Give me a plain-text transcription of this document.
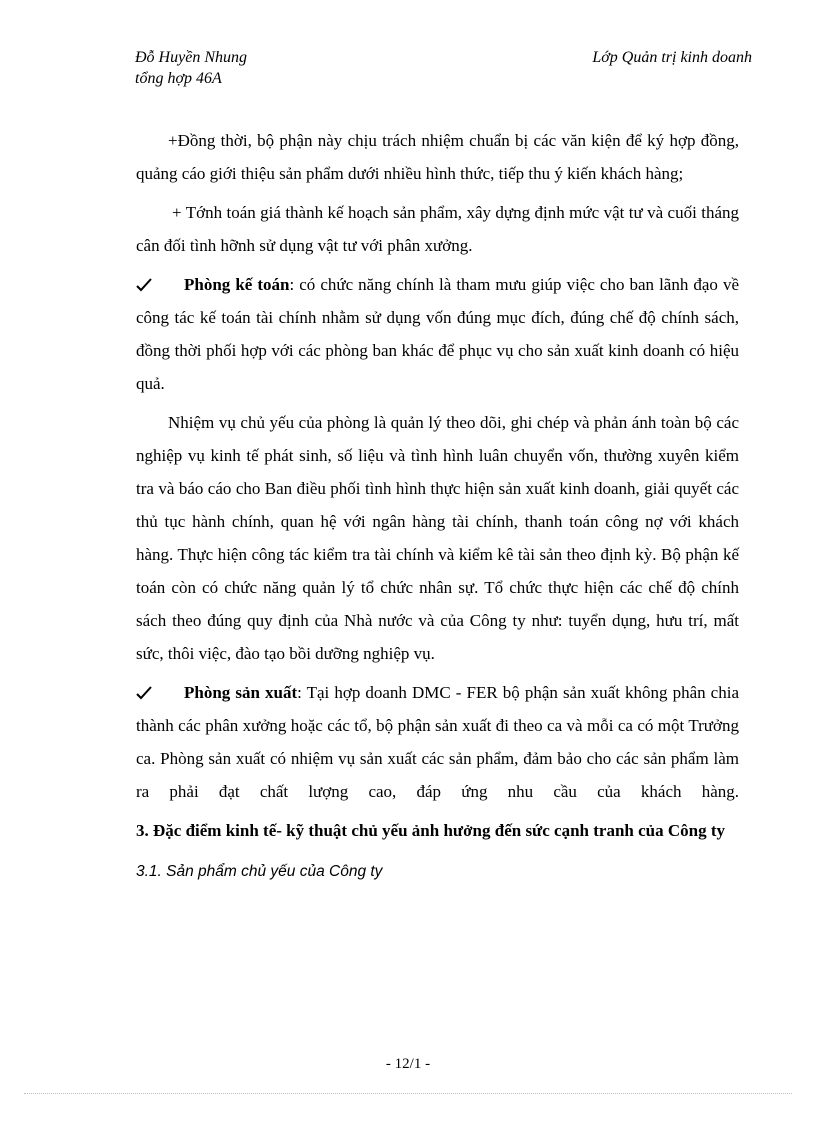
Đỗ Huyền Nhung
tổng hợp 46A
Lớp Quản trị kinh doanh

+Đồng thời, bộ phận này chịu trách nhiệm chuẩn bị các văn kiện để ký hợp đồng, quảng cáo giới thiệu sản phẩm dưới nhiều hình thức, tiếp thu ý kiến khách hàng;

+ Tớnh toán giá thành kế hoạch sản phẩm, xây dựng định mức vật tư và cuối tháng cân đối tình hỡnh sử dụng vật tư với phân xưởng.

Phòng kế toán: có chức năng chính là tham mưu giúp việc cho ban lãnh đạo về công tác kế toán tài chính nhằm sử dụng vốn đúng mục đích, đúng chế độ chính sách, đồng thời phối hợp với các phòng ban khác để phục vụ cho sản xuất kinh doanh có hiệu quả.

Nhiệm vụ chủ yếu của phòng là quản lý theo dõi, ghi chép và phản ánh toàn bộ các nghiệp vụ kinh tế phát sinh, số liệu và tình hình luân chuyển vốn, thường xuyên kiểm tra và báo cáo cho Ban điều phối tình hình thực hiện sản xuất kinh doanh, giải quyết các thủ tục hành chính, quan hệ với ngân hàng tài chính, thanh toán công nợ với khách hàng. Thực hiện công tác kiểm tra tài chính và kiểm kê tài sản theo định kỳ. Bộ phận kế toán còn có chức năng quản lý tổ chức nhân sự. Tổ chức thực hiện các chế độ chính sách theo đúng quy định của Nhà nước và của Công ty như: tuyển dụng, hưu trí, mất sức, thôi việc, đào tạo bồi dưỡng nghiệp vụ.

Phòng sản xuất: Tại hợp doanh DMC - FER bộ phận sản xuất không phân chia thành các phân xưởng hoặc các tổ, bộ phận sản xuất đi theo ca và mỗi ca có một Trưởng ca. Phòng sản xuất có nhiệm vụ sản xuất các sản phẩm, đảm bảo cho các sản phẩm làm ra phải đạt chất lượng cao, đáp ứng nhu cầu của khách hàng.

3. Đặc điểm kinh tế- kỹ thuật chủ yếu ảnh hưởng đến sức cạnh tranh của Công ty

3.1. Sản phẩm chủ yếu của Công ty

- 12/1 -
